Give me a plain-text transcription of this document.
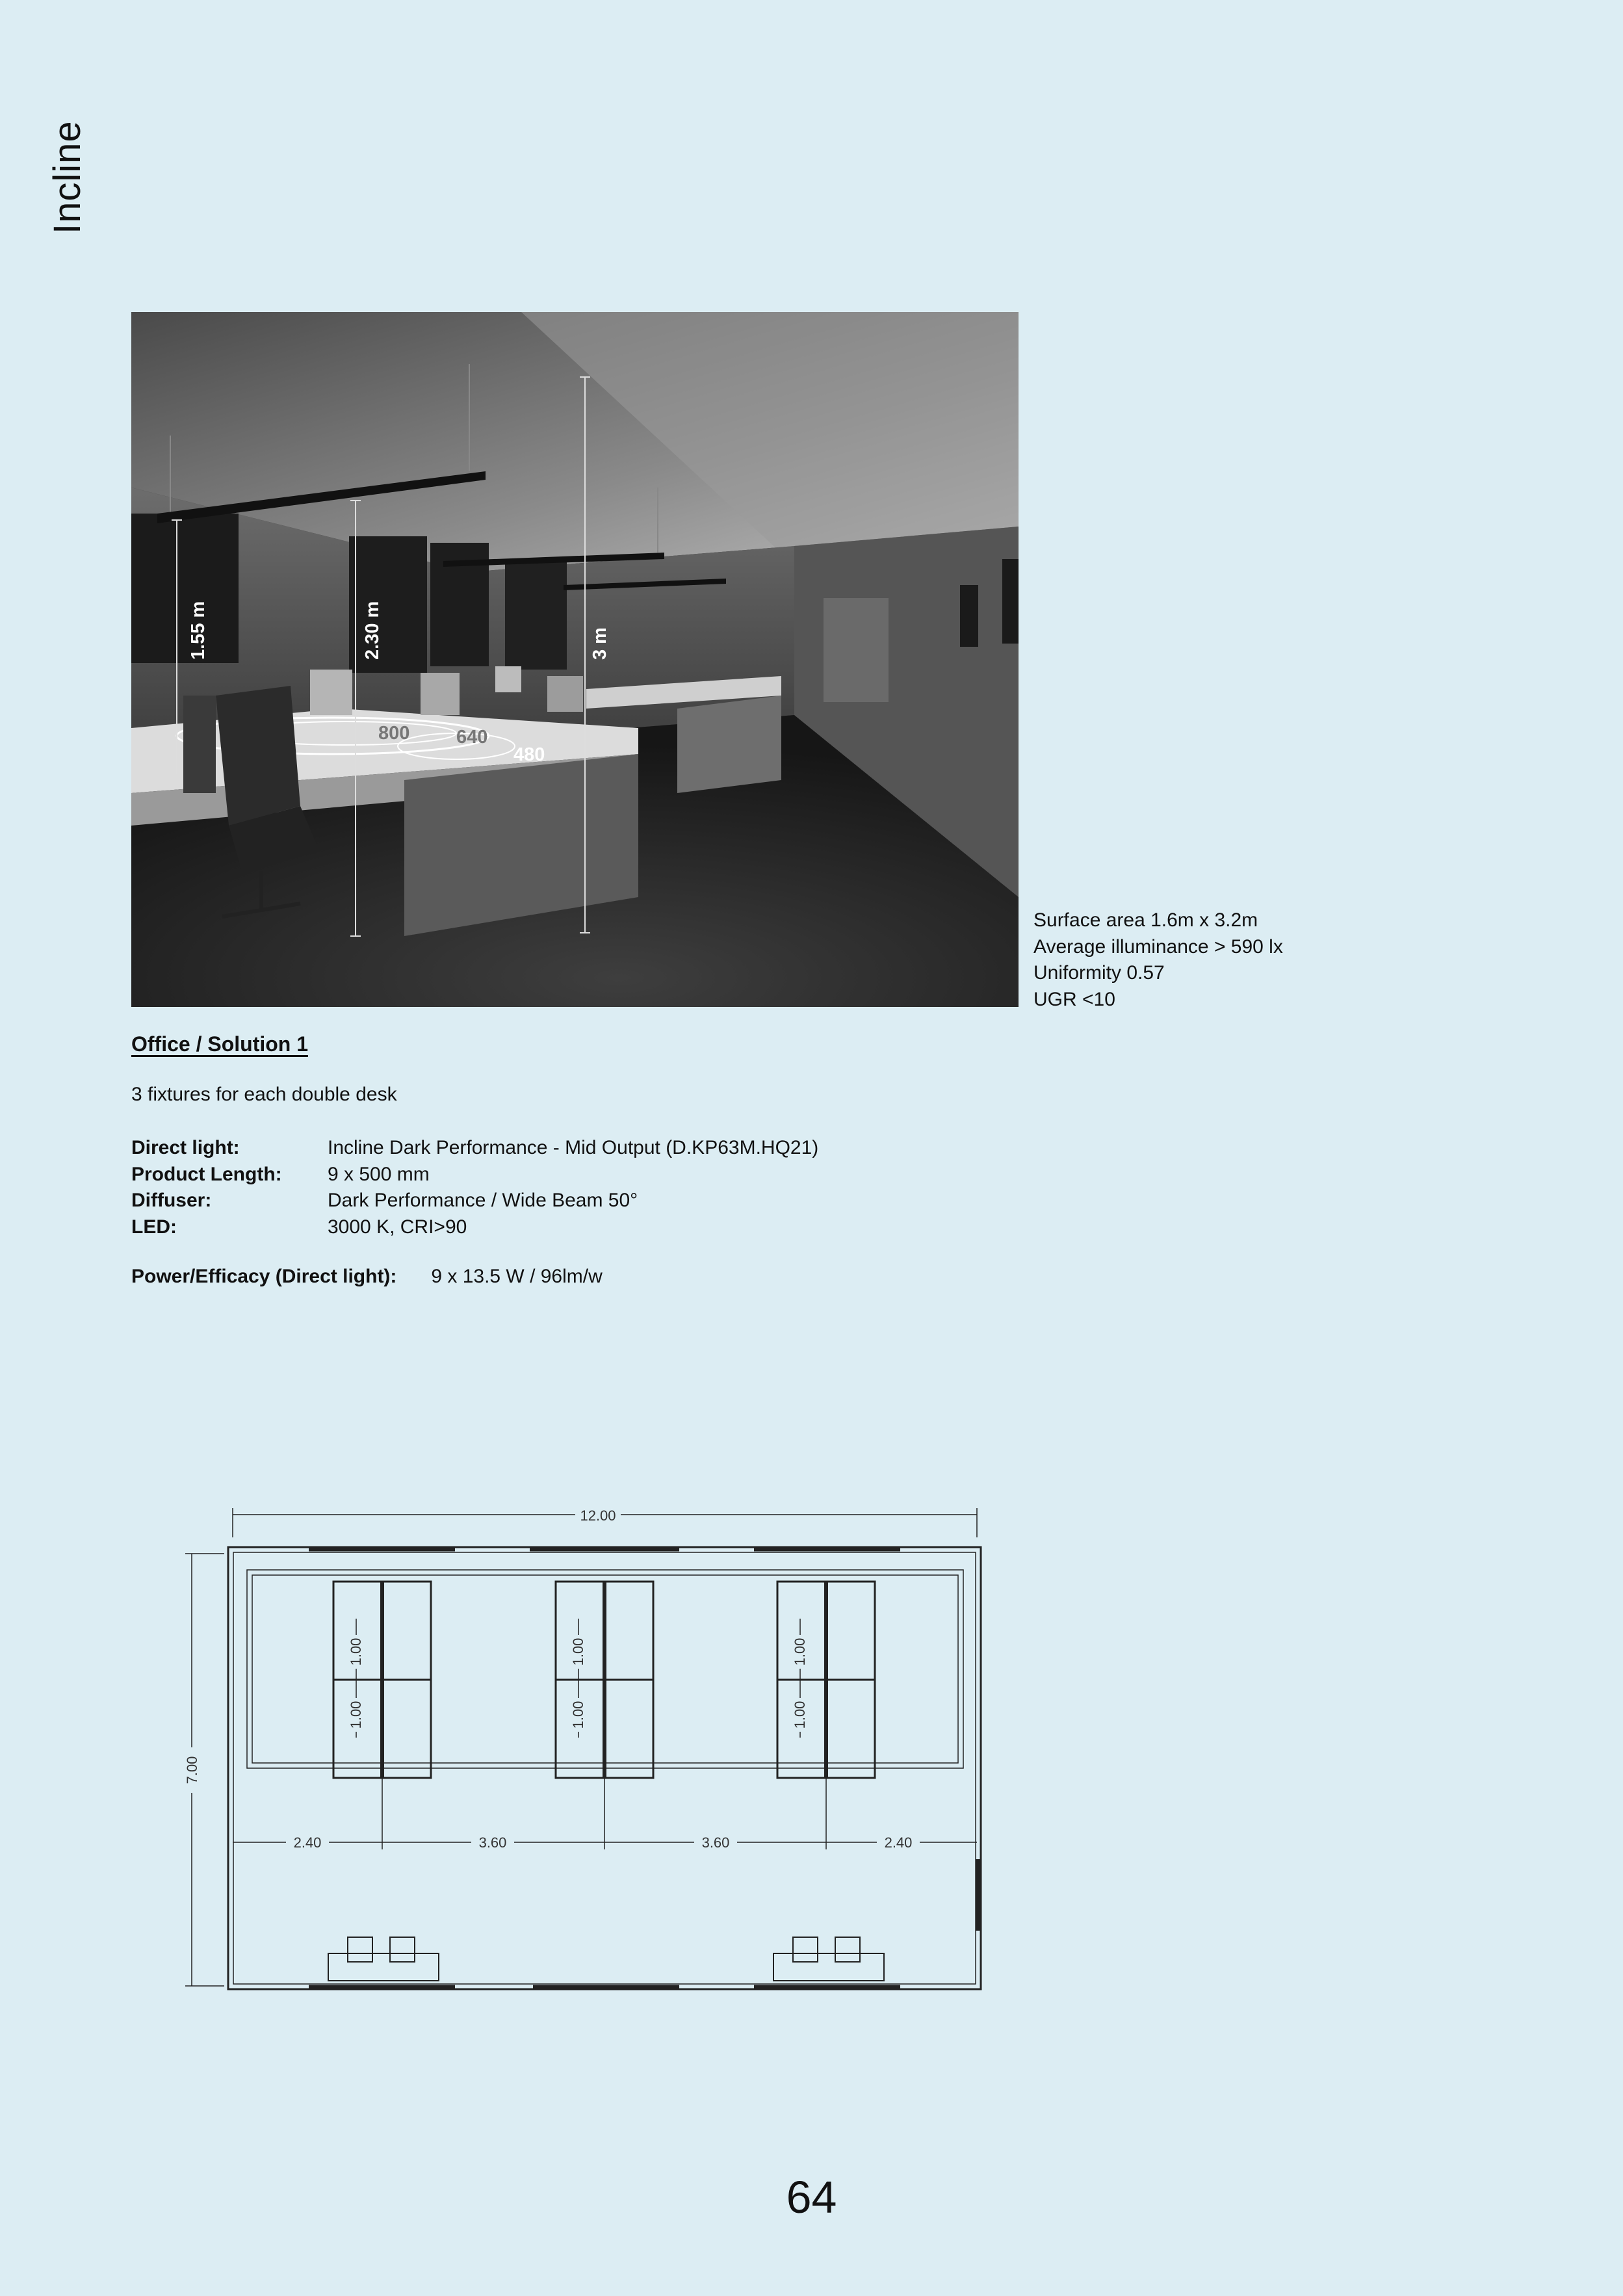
Incline
1.55 m	2.30 m	3 m
800 640
480
Surface area 1.6m x 3.2m
Average illuminance > 590 lx
Uniformity 0.57
UGR <10
Office / Solution 1
3 fixtures for each double desk
Direct light:	Incline Dark Performance - Mid Output (D.KP63M.HQ21)
Product Length:	9 x 500 mm
Diffuser:	Dark Performance / Wide Beam 50°
LED:	3000 K, CRI>90
Power/Efficacy (Direct light): 9 x 13.5 W / 96lm/w
12.00
7.00
2.40	3.60	3.60	2.40
1.00
1.00
1.00
1.00
1.00
1.00
64
